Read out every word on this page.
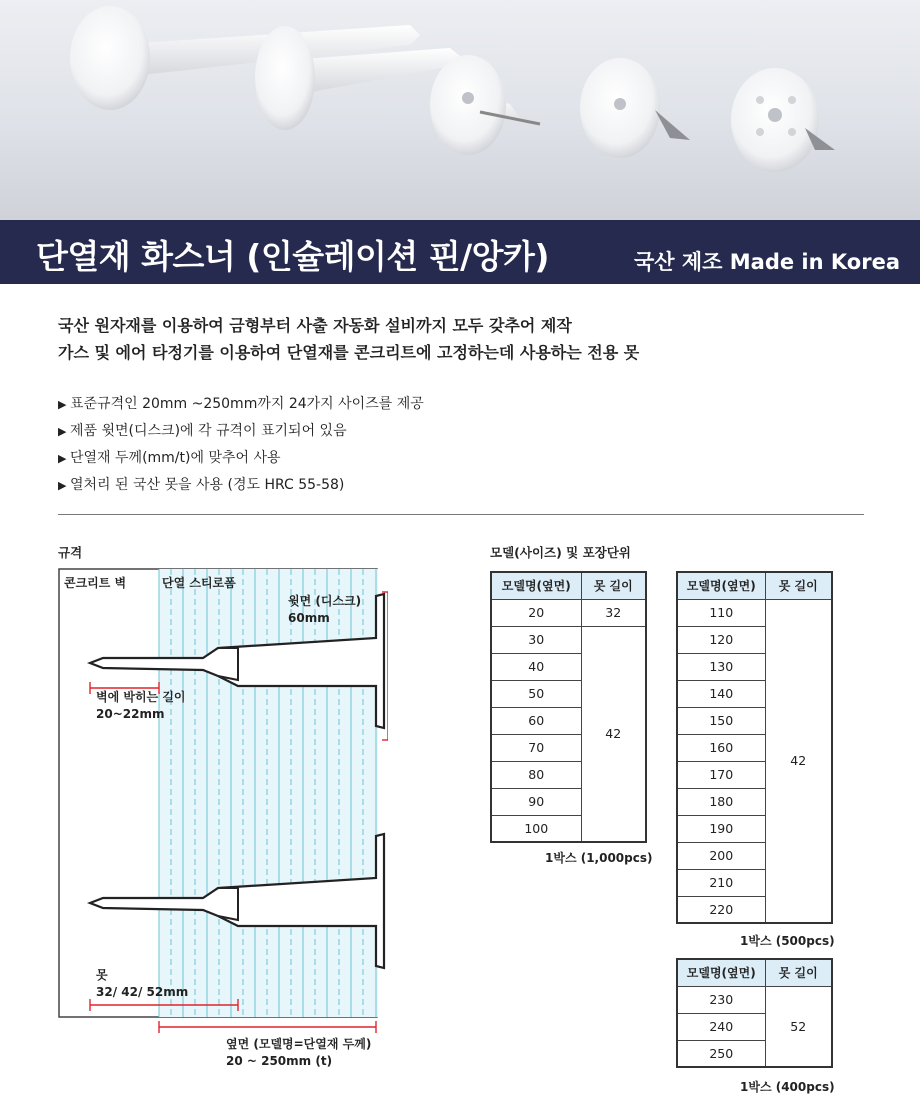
단열재 화스너 (인슐레이션 핀/앙카)	국산 제조 Made in Korea

국산 원자재를 이용하여 금형부터 사출 자동화 설비까지 모두 갖추어 제작

가스 및 에어 타정기를 이용하여 단열재를 콘크리트에 고정하는데 사용하는 전용 못

▶ 표준규격인 20mm ~250mm까지 24가지 사이즈를 제공
▶ 제품 윗면(디스크)에 각 규격이 표기되어 있음
▶ 단열재 두께(mm/t)에 맞추어 사용
▶ 열처리 된 국산 못을 사용 (경도 HRC 55-58)
규격
콘크리트 벽	단열 스티로폼
윗면 (디스크)
60mm
벽에 박히는 길이
20~22mm
못
32/ 42/ 52mm
옆면 (모델명=단열재 두께)
20 ~ 250mm (t)
모델(사이즈) 및 포장단위
모델명(옆면)	못 길이
20	32
30	42
40	
50	
60	
70	
80	
90	
100	
1박스 (1,000pcs)
모델명(옆면)	못 길이
110	42
120	
130	
140	
150	
160	
170	
180	
190	
200	
210	
220	
1박스 (500pcs)
모델명(옆면)	못 길이
230	52
240	
250	
1박스 (400pcs)
